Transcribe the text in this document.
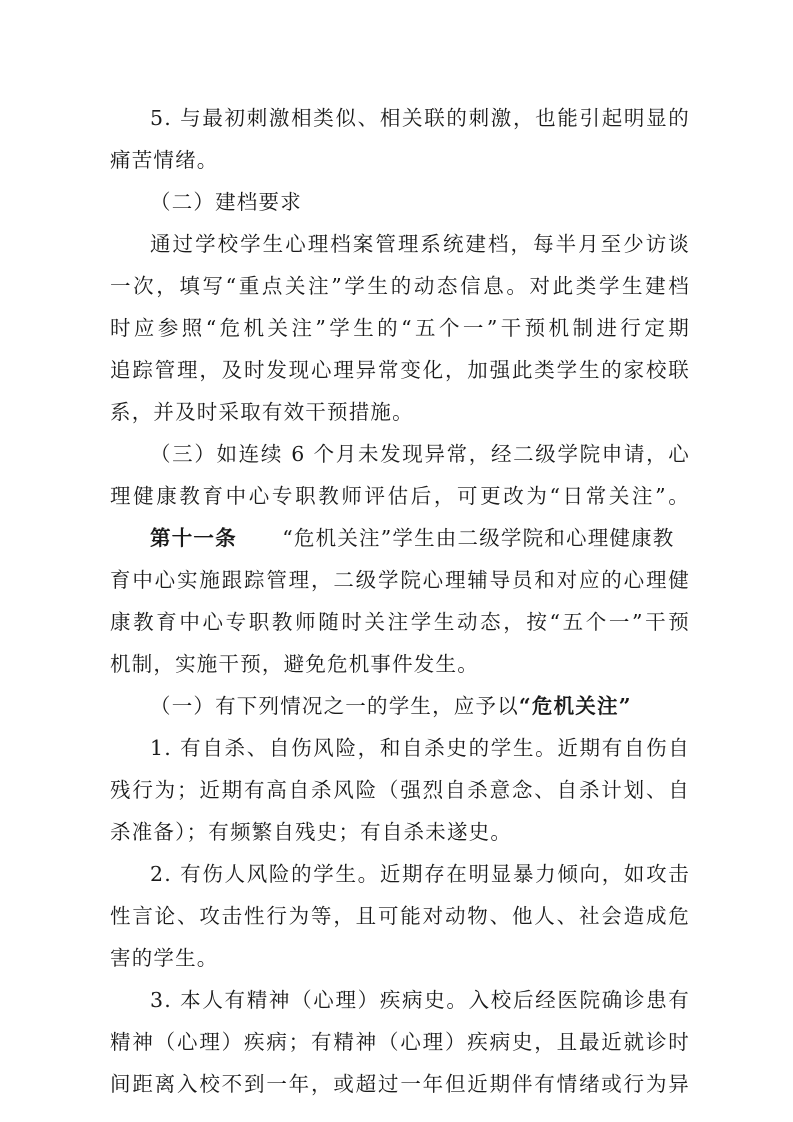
5. 与最初刺激相类似、相关联的刺激，也能引起明显的
痛苦情绪。
（二）建档要求
通过学校学生心理档案管理系统建档，每半月至少访谈
一次，填写“重点关注”学生的动态信息。对此类学生建档
时应参照“危机关注”学生的“五个一”干预机制进行定期
追踪管理，及时发现心理异常变化，加强此类学生的家校联
系，并及时采取有效干预措施。
（三）如连续 6 个月未发现异常，经二级学院申请，心
理健康教育中心专职教师评估后，可更改为“日常关注”。
第十一条 “危机关注”学生由二级学院和心理健康教
育中心实施跟踪管理，二级学院心理辅导员和对应的心理健
康教育中心专职教师随时关注学生动态，按“五个一”干预
机制，实施干预，避免危机事件发生。
（一）有下列情况之一的学生，应予以“危机关注”
1. 有自杀、自伤风险，和自杀史的学生。近期有自伤自
残行为；近期有高自杀风险（强烈自杀意念、自杀计划、自
杀准备）；有频繁自残史；有自杀未遂史。
2. 有伤人风险的学生。近期存在明显暴力倾向，如攻击
性言论、攻击性行为等，且可能对动物、他人、社会造成危
害的学生。
3. 本人有精神（心理）疾病史。入校后经医院确诊患有
精神（心理）疾病；有精神（心理）疾病史，且最近就诊时
间距离入校不到一年，或超过一年但近期伴有情绪或行为异
